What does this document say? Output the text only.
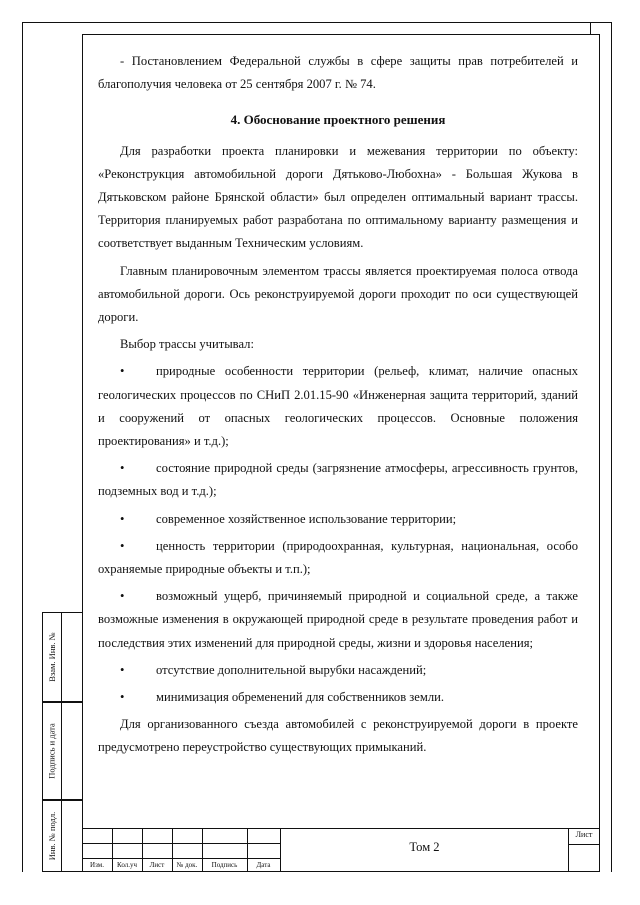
Взам. Инв. №
Подпись и дата
Инв. № подл.

- Постановлением Федеральной службы в сфере защиты прав потребителей и благополучия человека от 25 сентября 2007 г. № 74.

4. Обоснование проектного решения

Для разработки проекта планировки и межевания территории по объекту: «Реконструкция автомобильной дороги Дятьково-Любохна» - Большая Жукова в Дятьковском районе Брянской области» был определен оптимальный вариант трассы. Территория планируемых работ разработана по оптимальному варианту размещения и соответствует выданным Техническим условиям.

Главным планировочным элементом трассы является проектируемая полоса отвода автомобильной дороги. Ось реконструируемой дороги проходит по оси существующей дороги.

Выбор трассы учитывал:

•	природные особенности территории (рельеф, климат, наличие опасных геологических процессов по СНиП 2.01.15-90 «Инженерная защита территорий, зданий и сооружений от опасных геологических процессов. Основные положения проектирования» и т.д.);

•	состояние природной среды (загрязнение атмосферы, агрессивность грунтов, подземных вод и т.д.);

•	современное хозяйственное использование территории;

•	ценность территории (природоохранная, культурная, национальная, особо охраняемые природные объекты и т.п.);

•	возможный ущерб, причиняемый природной и социальной среде, а также возможные изменения в окружающей природной среде в результате проведения работ и последствия этих изменений для природной среды, жизни и здоровья населения;

•	отсутствие дополнительной вырубки насаждений;

•	минимизация обременений для собственников земли.

Для организованного съезда автомобилей с реконструируемой дороги в проекте предусмотрено переустройство существующих примыканий.

Изм.	Кол.уч	Лист	№ док.	Подпись	Дата
Том 2
Лист
